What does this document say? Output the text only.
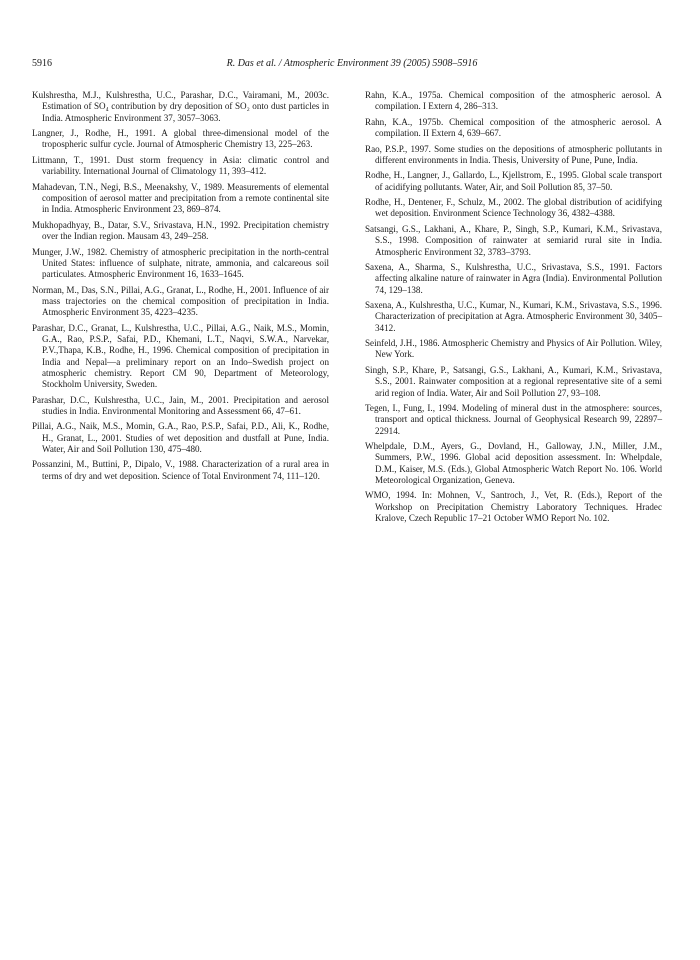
5916	R. Das et al. / Atmospheric Environment 39 (2005) 5908–5916

Kulshrestha, M.J., Kulshrestha, U.C., Parashar, D.C., Vairamani, M., 2003c. Estimation of SO₄ contribution by dry deposition of SO₂ onto dust particles in India. Atmospheric Environment 37, 3057–3063.

Langner, J., Rodhe, H., 1991. A global three-dimensional model of the tropospheric sulfur cycle. Journal of Atmospheric Chemistry 13, 225–263.

Littmann, T., 1991. Dust storm frequency in Asia: climatic control and variability. International Journal of Climatology 11, 393–412.

Mahadevan, T.N., Negi, B.S., Meenakshy, V., 1989. Measurements of elemental composition of aerosol matter and precipitation from a remote continental site in India. Atmospheric Environment 23, 869–874.

Mukhopadhyay, B., Datar, S.V., Srivastava, H.N., 1992. Precipitation chemistry over the Indian region. Mausam 43, 249–258.

Munger, J.W., 1982. Chemistry of atmospheric precipitation in the north-central United States: influence of sulphate, nitrate, ammonia, and calcareous soil particulates. Atmospheric Environment 16, 1633–1645.

Norman, M., Das, S.N., Pillai, A.G., Granat, L., Rodhe, H., 2001. Influence of air mass trajectories on the chemical composition of precipitation in India. Atmospheric Environment 35, 4223–4235.

Parashar, D.C., Granat, L., Kulshrestha, U.C., Pillai, A.G., Naik, M.S., Momin, G.A., Rao, P.S.P., Safai, P.D., Khemani, L.T., Naqvi, S.W.A., Narvekar, P.V.,Thapa, K.B., Rodhe, H., 1996. Chemical composition of precipitation in India and Nepal—a preliminary report on an Indo–Swedish project on atmospheric chemistry. Report CM 90, Department of Meteorology, Stockholm University, Sweden.

Parashar, D.C., Kulshrestha, U.C., Jain, M., 2001. Precipitation and aerosol studies in India. Environmental Monitoring and Assessment 66, 47–61.

Pillai, A.G., Naik, M.S., Momin, G.A., Rao, P.S.P., Safai, P.D., Ali, K., Rodhe, H., Granat, L., 2001. Studies of wet deposition and dustfall at Pune, India. Water, Air and Soil Pollution 130, 475–480.

Possanzini, M., Buttini, P., Dipalo, V., 1988. Characterization of a rural area in terms of dry and wet deposition. Science of Total Environment 74, 111–120.

Rahn, K.A., 1975a. Chemical composition of the atmospheric aerosol. A compilation. I Extern 4, 286–313.

Rahn, K.A., 1975b. Chemical composition of the atmospheric aerosol. A compilation. II Extern 4, 639–667.

Rao, P.S.P., 1997. Some studies on the depositions of atmospheric pollutants in different environments in India. Thesis, University of Pune, Pune, India.

Rodhe, H., Langner, J., Gallardo, L., Kjellstrom, E., 1995. Global scale transport of acidifying pollutants. Water, Air, and Soil Pollution 85, 37–50.

Rodhe, H., Dentener, F., Schulz, M., 2002. The global distribution of acidifying wet deposition. Environment Science Technology 36, 4382–4388.

Satsangi, G.S., Lakhani, A., Khare, P., Singh, S.P., Kumari, K.M., Srivastava, S.S., 1998. Composition of rainwater at semiarid rural site in India. Atmospheric Environment 32, 3783–3793.

Saxena, A., Sharma, S., Kulshrestha, U.C., Srivastava, S.S., 1991. Factors affecting alkaline nature of rainwater in Agra (India). Environmental Pollution 74, 129–138.

Saxena, A., Kulshrestha, U.C., Kumar, N., Kumari, K.M., Srivastava, S.S., 1996. Characterization of precipitation at Agra. Atmospheric Environment 30, 3405–3412.

Seinfeld, J.H., 1986. Atmospheric Chemistry and Physics of Air Pollution. Wiley, New York.

Singh, S.P., Khare, P., Satsangi, G.S., Lakhani, A., Kumari, K.M., Srivastava, S.S., 2001. Rainwater composition at a regional representative site of a semi arid region of India. Water, Air and Soil Pollution 27, 93–108.

Tegen, I., Fung, I., 1994. Modeling of mineral dust in the atmosphere: sources, transport and optical thickness. Journal of Geophysical Research 99, 22897–22914.

Whelpdale, D.M., Ayers, G., Dovland, H., Galloway, J.N., Miller, J.M., Summers, P.W., 1996. Global acid deposition assessment. In: Whelpdale, D.M., Kaiser, M.S. (Eds.), Global Atmospheric Watch Report No. 106. World Meteorological Organization, Geneva.

WMO, 1994. In: Mohnen, V., Santroch, J., Vet, R. (Eds.), Report of the Workshop on Precipitation Chemistry Laboratory Techniques. Hradec Kralove, Czech Republic 17–21 October WMO Report No. 102.
